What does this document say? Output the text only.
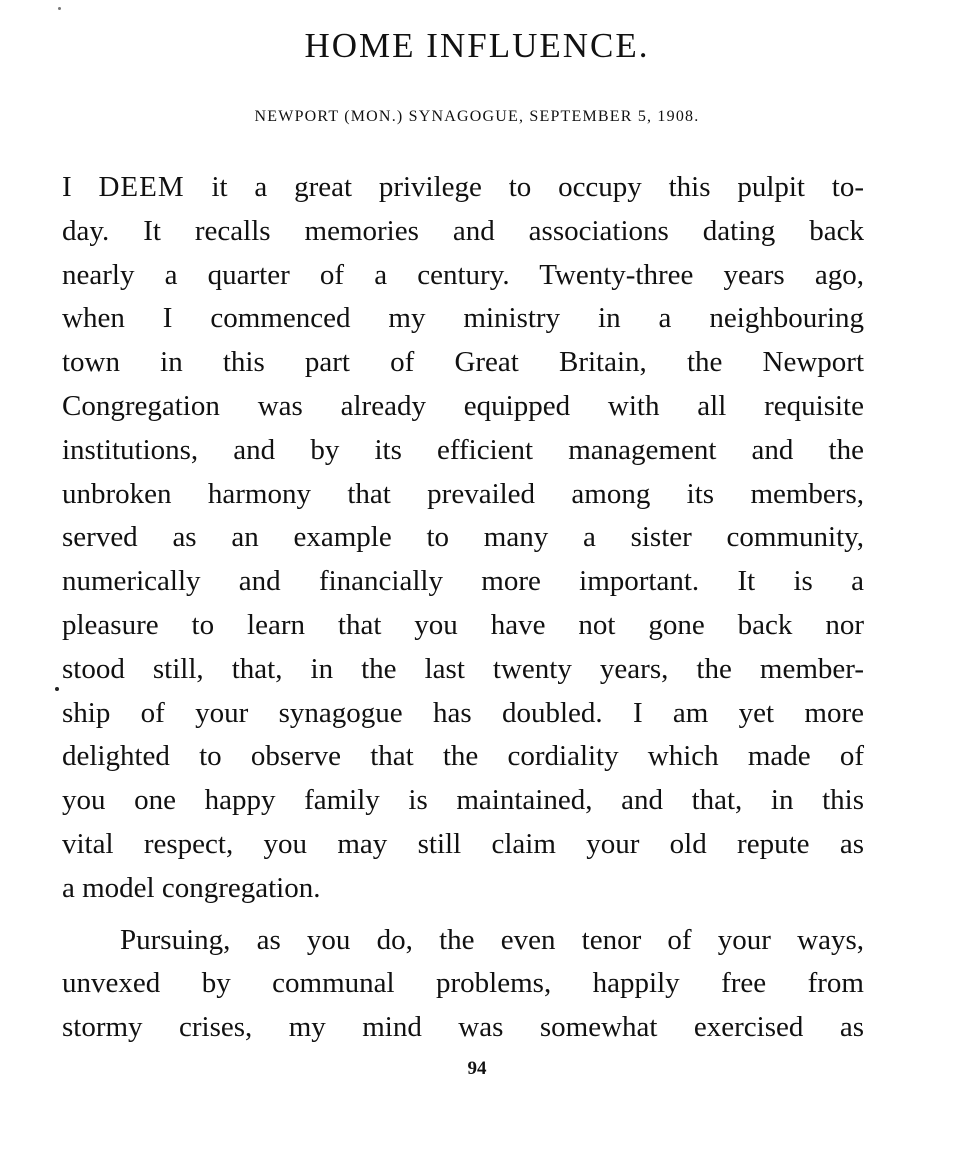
HOME INFLUENCE.

NEWPORT (MON.) SYNAGOGUE, SEPTEMBER 5, 1908.

I DEEM it a great privilege to occupy this pulpit to-
day. It recalls memories and associations dating back
nearly a quarter of a century. Twenty-three years ago,
when I commenced my ministry in a neighbouring
town in this part of Great Britain, the Newport
Congregation was already equipped with all requisite
institutions, and by its efficient management and the
unbroken harmony that prevailed among its members,
served as an example to many a sister community,
numerically and financially more important. It is a
pleasure to learn that you have not gone back nor
stood still, that, in the last twenty years, the member-
ship of your synagogue has doubled. I am yet more
delighted to observe that the cordiality which made of
you one happy family is maintained, and that, in this
vital respect, you may still claim your old repute as
a model congregation.
Pursuing, as you do, the even tenor of your ways,
unvexed by communal problems, happily free from
stormy crises, my mind was somewhat exercised as

94
